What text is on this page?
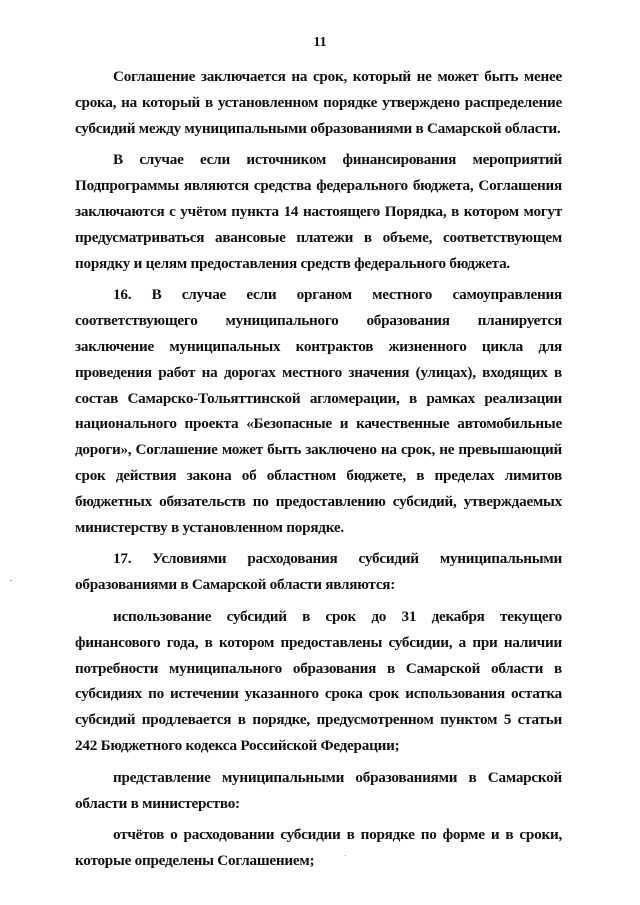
11

Соглашение заключается на срок, который не может быть менее срока, на который в установленном порядке утверждено распределение субсидий между муниципальными образованиями в Самарской области.

В случае если источником финансирования мероприятий Подпрограммы являются средства федерального бюджета, Соглашения заключаются с учётом пункта 14 настоящего Порядка, в котором могут предусматриваться авансовые платежи в объеме, соответствующем порядку и целям предоставления средств федерального бюджета.

16. В случае если органом местного самоуправления соответствующего муниципального образования планируется заключение муниципальных контрактов жизненного цикла для проведения работ на дорогах местного значения (улицах), входящих в состав Самарско-Тольяттинской агломерации, в рамках реализации национального проекта «Безопасные и качественные автомобильные дороги», Соглашение может быть заключено на срок, не превышающий срок действия закона об областном бюджете, в пределах лимитов бюджетных обязательств по предоставлению субсидий, утверждаемых министерству в установленном порядке.

17. Условиями расходования субсидий муниципальными образованиями в Самарской области являются:

использование субсидий в срок до 31 декабря текущего финансового года, в котором предоставлены субсидии, а при наличии потребности муниципального образования в Самарской области в субсидиях по истечении указанного срока срок использования остатка субсидий продлевается в порядке, предусмотренном пунктом 5 статьи 242 Бюджетного кодекса Российской Федерации;

представление муниципальными образованиями в Самарской области в министерство:

отчётов о расходовании субсидии в порядке по форме и в сроки, которые определены Соглашением;
